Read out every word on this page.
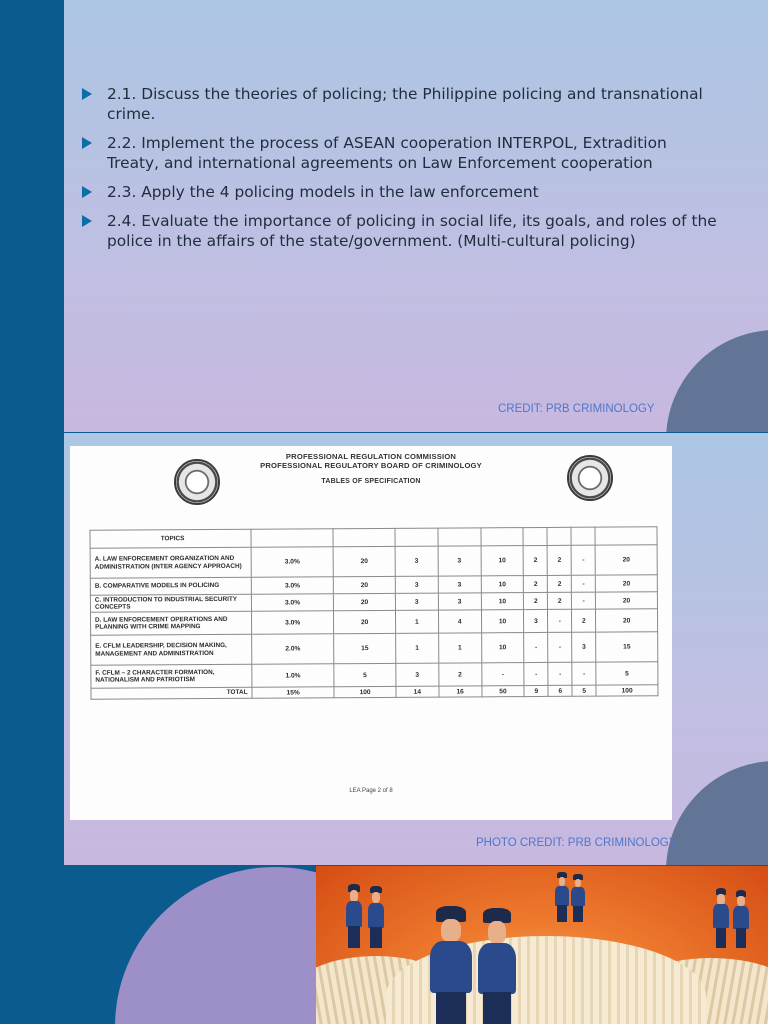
2.1. Discuss the theories of policing; the Philippine policing and transnational crime.
2.2. Implement the process of ASEAN cooperation INTERPOL, Extradition Treaty, and international agreements on Law Enforcement cooperation
2.3. Apply the 4 policing models in the law enforcement
2.4. Evaluate the importance of policing in social life, its goals, and roles of the police in the affairs of the state/government. (Multi-cultural policing)
CREDIT: PRB CRIMINOLOGY
PROFESSIONAL REGULATION COMMISSION
PROFESSIONAL REGULATORY BOARD OF CRIMINOLOGY
TABLES OF SPECIFICATION
TOPICS									
A. LAW ENFORCEMENT ORGANIZATION AND ADMINISTRATION (INTER AGENCY APPROACH)	3.0%	20	3	3	10	2	2	-	20
B. COMPARATIVE MODELS IN POLICING	3.0%	20	3	3	10	2	2	-	20
C. INTRODUCTION TO INDUSTRIAL SECURITY CONCEPTS	3.0%	20	3	3	10	2	2	-	20
D. LAW ENFORCEMENT OPERATIONS AND PLANNING WITH CRIME MAPPING	3.0%	20	1	4	10	3	-	2	20
E. CFLM LEADERSHIP, DECISION MAKING, MANAGEMENT AND ADMINISTRATION	2.0%	15	1	1	10	-	-	3	15
F. CFLM – 2 CHARACTER FORMATION, NATIONALISM AND PATRIOTISM	1.0%	5	3	2	-	-	-	-	5
TOTAL	15%	100	14	16	50	9	6	5	100
LEA Page 2 of 8
PHOTO CREDIT: PRB CRIMINOLOGY
